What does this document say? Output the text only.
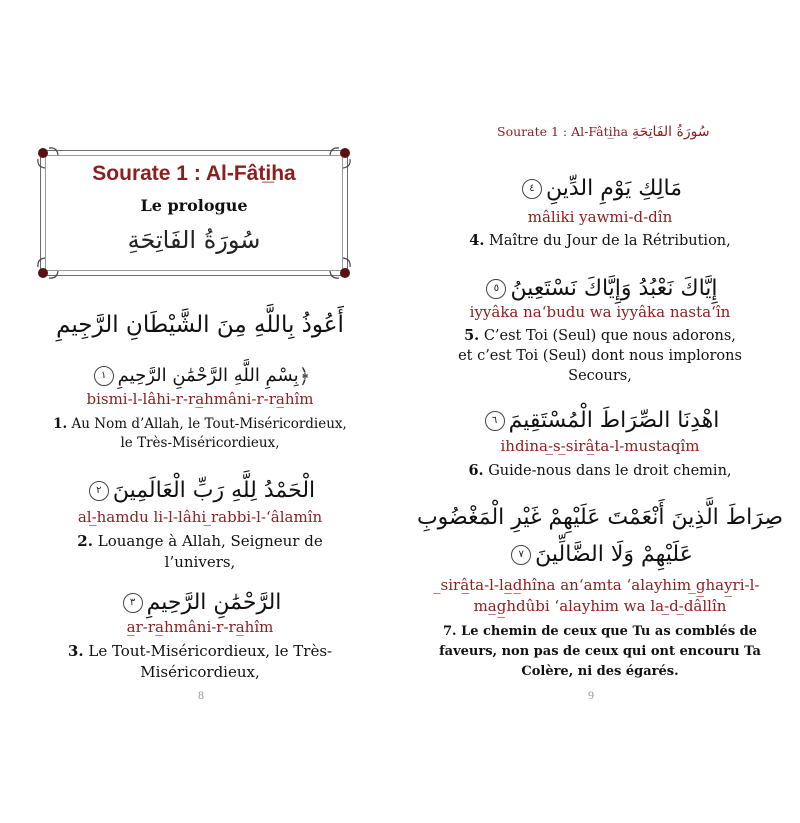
Sourate 1 : Al-Fâti̲ha
Le prologue
سُورَةُ الفَاتِحَةِ
أَعُوذُ بِاللَّهِ مِنَ الشَّيْطَانِ الرَّجِيمِ
﴿بِسْمِ اللَّهِ الرَّحْمَٰنِ الرَّحِيمِ١
bismi-l-lâhi-r-ra̲hmâni-r-ra̲hîm
1. Au Nom d’Allah, le Tout-Miséricordieux,
le Très-Miséricordieux,
الْحَمْدُ لِلَّهِ رَبِّ الْعَالَمِينَ٢
al-̲hamdu li-l-lâhi ̲rabbi-l-‘âlamîn
2. Louange à Allah, Seigneur de
l’univers,
الرَّحْمَٰنِ الرَّحِيمِ٣
a̲r-ra̲hmâni-r-ra̲hîm
3. Le Tout-Miséricordieux, le Très-
Miséricordieux,
8
Sourate 1 : Al-Fâti̲ha سُورَةُ الفَاتِحَةِ
مَالِكِ يَوْمِ الدِّينِ٤
mâliki yawmi-d-dîn
4. Maître du Jour de la Rétribution,
إِيَّاكَ نَعْبُدُ وَإِيَّاكَ نَسْتَعِينُ٥
iyyâka na‘budu wa iyyâka nasta‘în
5. C’est Toi (Seul) que nous adorons,
et c’est Toi (Seul) dont nous implorons
Secours,
اهْدِنَا الصِّرَاطَ الْمُسْتَقِيمَ٦
ihdina-̲s-̲sirâ̲ta-l-mustaqîm
6. Guide-nous dans le droit chemin,
صِرَاطَ الَّذِينَ أَنْعَمْتَ عَلَيْهِمْ غَيْرِ الْمَغْضُوبِ
عَلَيْهِمْ وَلَا الضَّالِّينَ٧
̲sirâ̲ta-l-la̲d̲hîna an‘amta ‘alayhim ̲g̲hay̲ri-l-
ma̲g̲hdûbi ‘alayhim wa la-̲d-̲dâllîn
7. Le chemin de ceux que Tu as comblés de
faveurs, non pas de ceux qui ont encouru Ta
Colère, ni des égarés.
9
